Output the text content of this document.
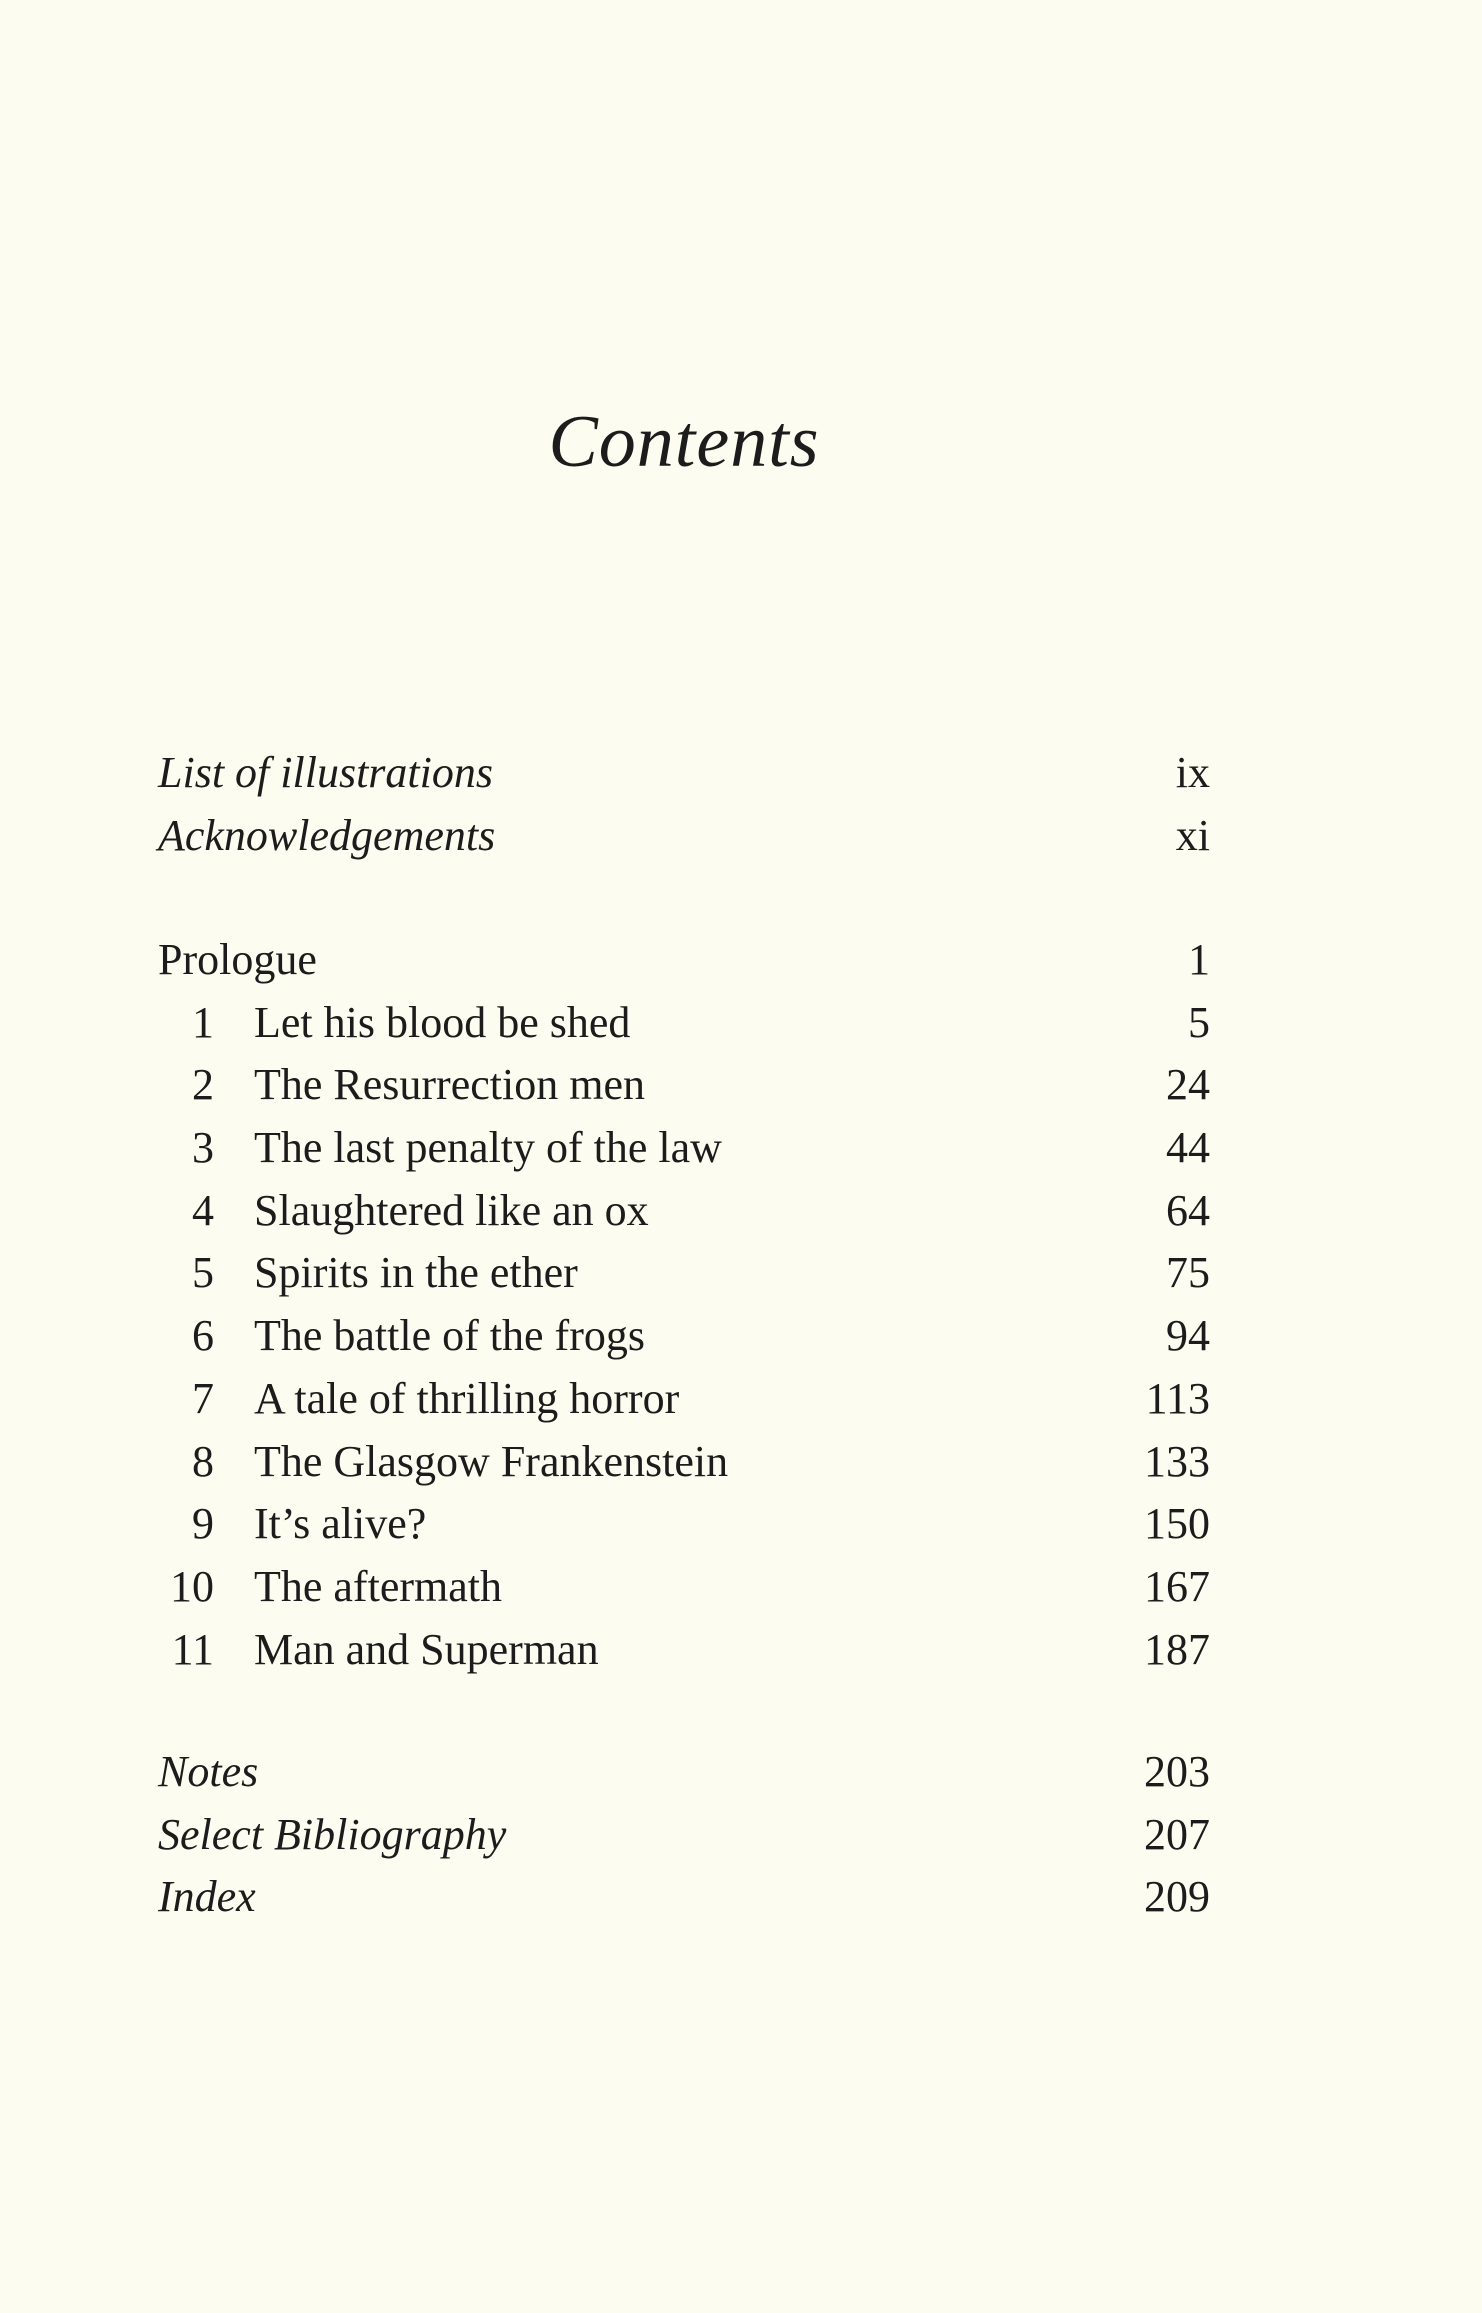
Contents
List of illustrations	ix
Acknowledgements	xi
Prologue	1
1 Let his blood be shed	5
2 The Resurrection men	24
3 The last penalty of the law	44
4 Slaughtered like an ox	64
5 Spirits in the ether	75
6 The battle of the frogs	94
7 A tale of thrilling horror	113
8 The Glasgow Frankenstein	133
9 It’s alive?	150
10 The aftermath	167
11 Man and Superman	187
Notes	203
Select Bibliography	207
Index	209
